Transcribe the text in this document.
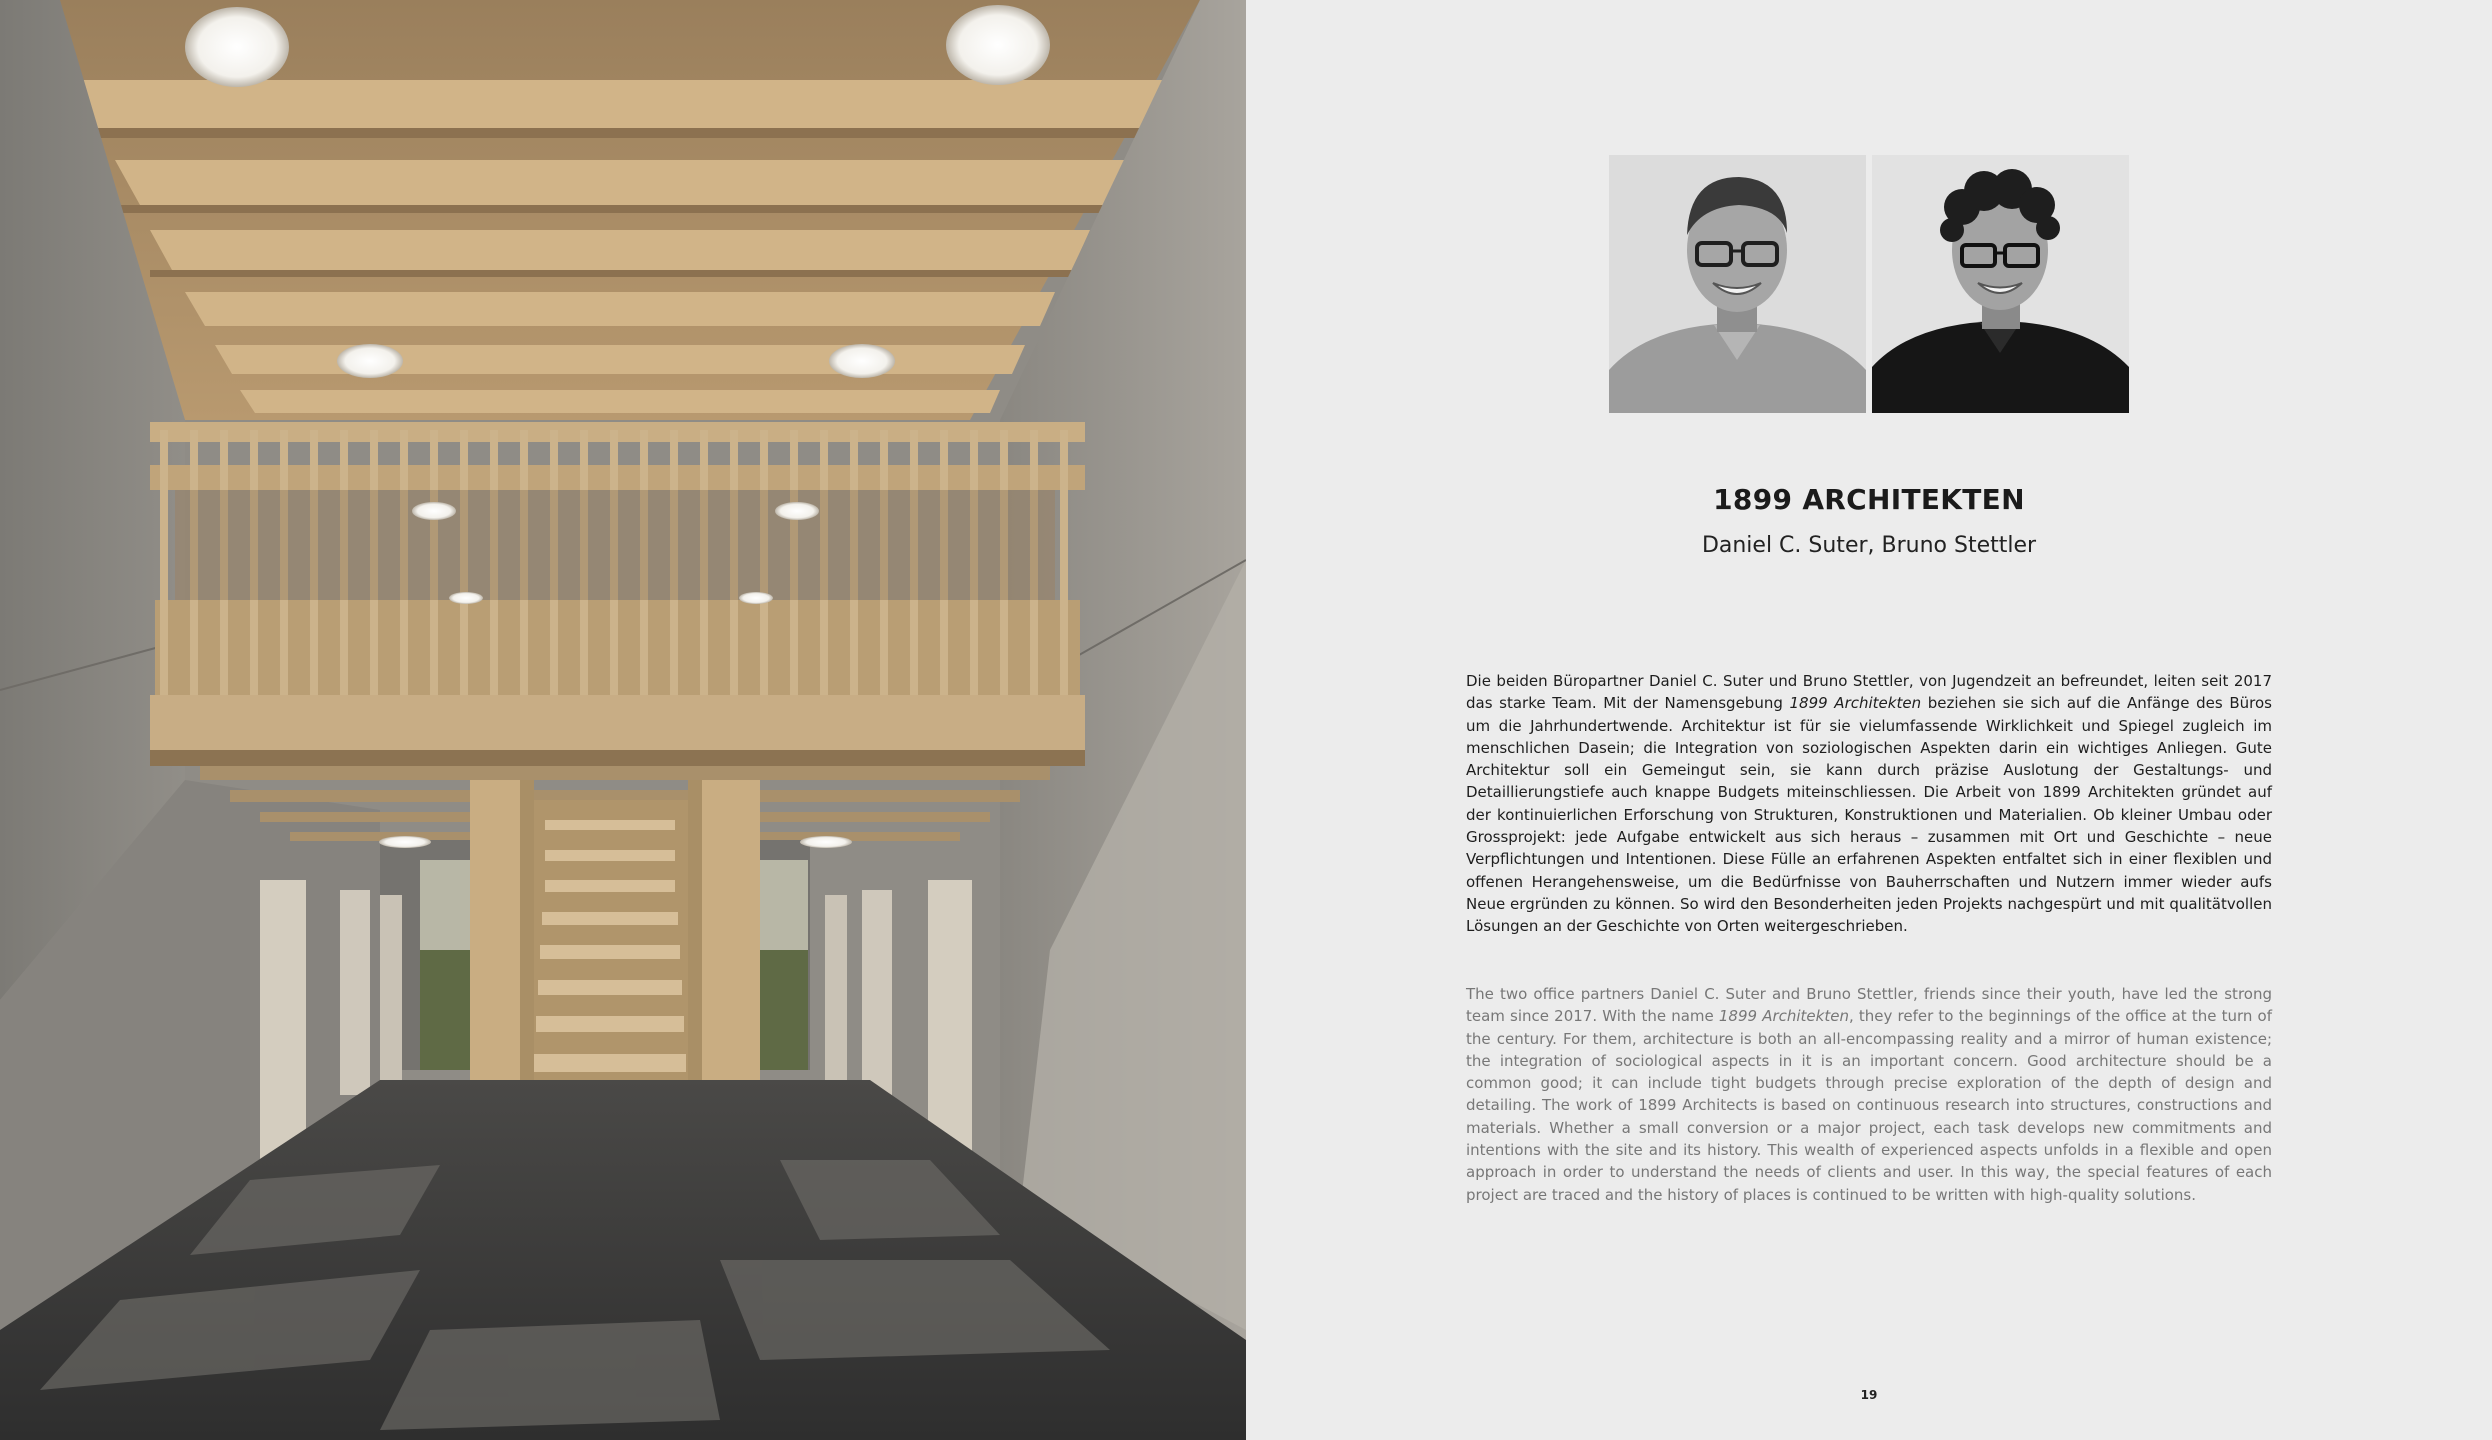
1899 ARCHITEKTEN
Daniel C. Suter, Bruno Stettler

Die beiden Büropartner Daniel C. Suter und Bruno Stettler, von Jugendzeit an befreundet, leiten seit 2017 das starke Team. Mit der Namensgebung 1899 Architekten beziehen sie sich auf die Anfänge des Büros um die Jahrhundertwende. Architektur ist für sie vielumfassende Wirklichkeit und Spiegel zugleich im menschlichen Dasein; die Integration von soziologischen Aspekten darin ein wichtiges Anliegen. Gute Architektur soll ein Gemeingut sein, sie kann durch präzise Auslotung der Gestaltungs- und Detaillierungstiefe auch knappe Budgets miteinschliessen. Die Arbeit von 1899 Architekten gründet auf der kontinuierlichen Erforschung von Strukturen, Konstruktionen und Materialien. Ob kleiner Umbau oder Grossprojekt: jede Aufgabe entwickelt aus sich heraus – zusammen mit Ort und Geschichte – neue Verpflichtungen und Intentionen. Diese Fülle an erfahrenen Aspekten entfaltet sich in einer flexiblen und offenen Herangehensweise, um die Bedürfnisse von Bauherrschaften und Nutzern immer wieder aufs Neue ergründen zu können. So wird den Besonderheiten jeden Projekts nachgespürt und mit qualitätvollen Lösungen an der Geschichte von Orten weitergeschrieben.

The two office partners Daniel C. Suter and Bruno Stettler, friends since their youth, have led the strong team since 2017. With the name 1899 Architekten, they refer to the beginnings of the office at the turn of the century. For them, architecture is both an all-encompassing reality and a mirror of human existence; the integration of sociological aspects in it is an important concern. Good architecture should be a common good; it can include tight budgets through precise exploration of the depth of design and detailing. The work of 1899 Architects is based on continuous research into structures, constructions and materials. Whether a small conversion or a major project, each task develops new commitments and intentions with the site and its history. This wealth of experienced aspects unfolds in a flexible and open approach in order to understand the needs of clients and user. In this way, the special features of each project are traced and the history of places is continued to be written with high-quality solutions.

19
